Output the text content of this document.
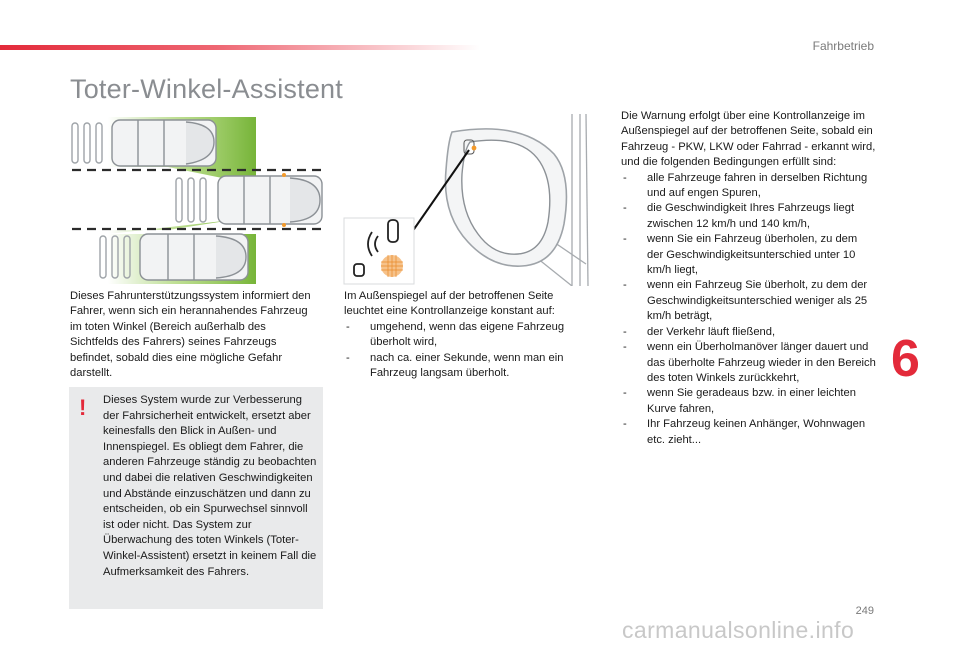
Fahrbetrieb
Toter-Winkel-Assistent

Dieses Fahrunterstützungssystem informiert den Fahrer, wenn sich ein herannahendes Fahrzeug im toten Winkel (Bereich außerhalb des Sichtfelds des Fahrers) seines Fahrzeugs befindet, sobald dies eine mögliche Gefahr darstellt.

! Dieses System wurde zur Verbesserung der Fahrsicherheit entwickelt, ersetzt aber keinesfalls den Blick in Außen- und Innenspiegel. Es obliegt dem Fahrer, die anderen Fahrzeuge ständig zu beobachten und dabei die relativen Geschwindigkeiten und Abstände einzuschätzen und dann zu entscheiden, ob ein Spurwechsel sinnvoll ist oder nicht. Das System zur Überwachung des toten Winkels (Toter-Winkel-Assistent) ersetzt in keinem Fall die Aufmerksamkeit des Fahrers.

Im Außenspiegel auf der betroffenen Seite leuchtet eine Kontrollanzeige konstant auf:

- umgehend, wenn das eigene Fahrzeug überholt wird,
- nach ca. einer Sekunde, wenn man ein Fahrzeug langsam überholt.

Die Warnung erfolgt über eine Kontrollanzeige im Außenspiegel auf der betroffenen Seite, sobald ein Fahrzeug - PKW, LKW oder Fahrrad - erkannt wird, und die folgenden Bedingungen erfüllt sind:

- alle Fahrzeuge fahren in derselben Richtung und auf engen Spuren,
- die Geschwindigkeit Ihres Fahrzeugs liegt zwischen 12 km/h und 140 km/h,
- wenn Sie ein Fahrzeug überholen, zu dem der Geschwindigkeitsunterschied unter 10 km/h liegt,
- wenn ein Fahrzeug Sie überholt, zu dem der Geschwindigkeitsunterschied weniger als 25 km/h beträgt,
- der Verkehr läuft fließend,
- wenn ein Überholmanöver länger dauert und das überholte Fahrzeug wieder in den Bereich des toten Winkels zurückkehrt,
- wenn Sie geradeaus bzw. in einer leichten Kurve fahren,
- Ihr Fahrzeug keinen Anhänger, Wohnwagen etc. zieht...
6
249
carmanualsonline.info
